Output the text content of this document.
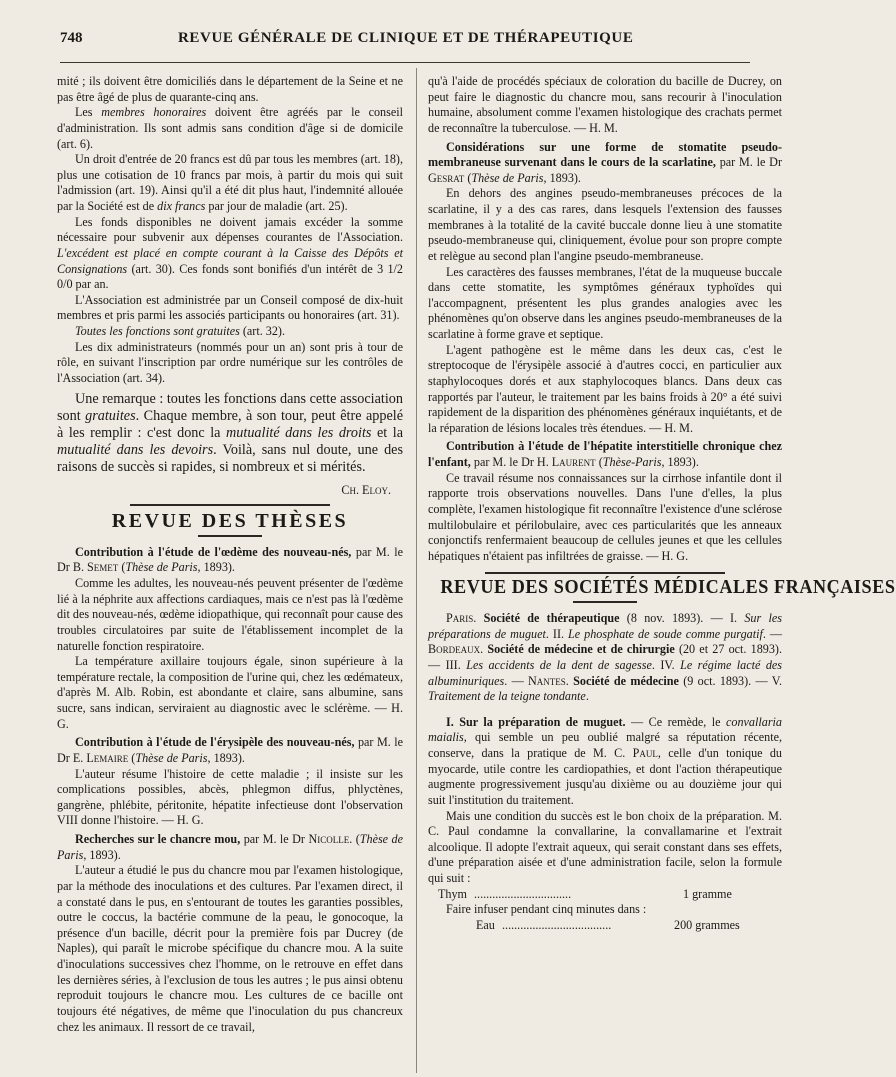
748	REVUE GÉNÉRALE DE CLINIQUE ET DE THÉRAPEUTIQUE

mité ; ils doivent être domiciliés dans le département de la Seine et ne pas être âgé de plus de quarante-cinq ans.

Les membres honoraires doivent être agréés par le conseil d'administration. Ils sont admis sans condition d'âge si de domicile (art. 6).

Un droit d'entrée de 20 francs est dû par tous les membres (art. 18), plus une cotisation de 10 francs par mois, à partir du mois qui suit l'admission (art. 19). Ainsi qu'il a été dit plus haut, l'indemnité allouée par la Société est de dix francs par jour de maladie (art. 25).

Les fonds disponibles ne doivent jamais excéder la somme nécessaire pour subvenir aux dépenses courantes de l'Association. L'excédent est placé en compte courant à la Caisse des Dépôts et Consignations (art. 30). Ces fonds sont bonifiés d'un intérêt de 3 1/2 0/0 par an.

L'Association est administrée par un Conseil composé de dix-huit membres et pris parmi les associés participants ou honoraires (art. 31).

Toutes les fonctions sont gratuites (art. 32).

Les dix administrateurs (nommés pour un an) sont pris à tour de rôle, en suivant l'inscription par ordre numérique sur les contrôles de l'Association (art. 34).

Une remarque : toutes les fonctions dans cette association sont gratuites. Chaque membre, à son tour, peut être appelé à les remplir : c'est donc la mutualité dans les droits et la mutualité dans les devoirs. Voilà, sans nul doute, une des raisons de succès si rapides, si nombreux et si mérités.

Ch. Eloy.

REVUE DES THÈSES

Contribution à l'étude de l'œdème des nouveau-nés, par M. le Dr B. Semet (Thèse de Paris, 1893).

Comme les adultes, les nouveau-nés peuvent présenter de l'œdème lié à la néphrite aux affections cardiaques, mais ce n'est pas là l'œdème dit des nouveau-nés, œdème idiopathique, qui reconnaît pour cause des troubles circulatoires par suite de l'établissement incomplet de la naturelle fonction respiratoire.

La température axillaire toujours égale, sinon supérieure à la température rectale, la composition de l'urine qui, chez les œdémateux, d'après M. Alb. Robin, est abondante et claire, sans albumine, sans sucre, sans indican, serviraient au diagnostic avec le sclérème. — H. G.

Contribution à l'étude de l'érysipèle des nouveau-nés, par M. le Dr E. Lemaire (Thèse de Paris, 1893).

L'auteur résume l'histoire de cette maladie ; il insiste sur les complications possibles, abcès, phlegmon diffus, phlyctènes, gangrène, phlébite, péritonite, hépatite infectieuse dont l'observation VIII donne l'histoire. — H. G.

Recherches sur le chancre mou, par M. le Dr Nicolle. (Thèse de Paris, 1893).

L'auteur a étudié le pus du chancre mou par l'examen histologique, par la méthode des inoculations et des cultures. Par l'examen direct, il a constaté dans le pus, en s'entourant de toutes les garanties possibles, outre le coccus, la bactérie commune de la peau, le gonocoque, la présence d'un bacille, décrit pour la première fois par Ducrey (de Naples), qui paraît le microbe spécifique du chancre mou. A la suite d'inoculations successives chez l'homme, on le retrouve en effet dans les dernières séries, à l'exclusion de tous les autres ; le pus ainsi obtenu reproduit toujours le chancre mou. Les cultures de ce bacille ont toujours été négatives, de même que l'inoculation du pus chancreux chez les animaux. Il ressort de ce travail,

qu'à l'aide de procédés spéciaux de coloration du bacille de Ducrey, on peut faire le diagnostic du chancre mou, sans recourir à l'inoculation humaine, absolument comme l'examen histologique des crachats permet de reconnaître la tuberculose. — H. M.

Considérations sur une forme de stomatite pseudo-membraneuse survenant dans le cours de la scarlatine, par M. le Dr Gesrat (Thèse de Paris, 1893).

En dehors des angines pseudo-membraneuses précoces de la scarlatine, il y a des cas rares, dans lesquels l'extension des fausses membranes à la totalité de la cavité buccale donne lieu à une stomatite pseudo-membraneuse qui, cliniquement, évolue pour son propre compte et relègue au second plan l'angine pseudo-membraneuse.

Les caractères des fausses membranes, l'état de la muqueuse buccale dans cette stomatite, les symptômes généraux typhoïdes qui l'accompagnent, présentent les plus grandes analogies avec les phénomènes qu'on observe dans les angines pseudo-membraneuses de la scarlatine à forme grave et septique.

L'agent pathogène est le même dans les deux cas, c'est le streptocoque de l'érysipèle associé à d'autres cocci, en particulier aux staphylocoques dorés et aux staphylocoques blancs. Dans deux cas rapportés par l'auteur, le traitement par les bains froids à 20° a été suivi rapidement de la disparition des phénomènes généraux inquiétants, et de la réparation de lésions locales très étendues. — H. M.

Contribution à l'étude de l'hépatite interstitielle chronique chez l'enfant, par M. le Dr H. Laurent (Thèse-Paris, 1893).

Ce travail résume nos connaissances sur la cirrhose infantile dont il rapporte trois observations nouvelles. Dans l'une d'elles, la plus complète, l'examen histologique fit reconnaître l'existence d'une sclérose multilobulaire et périlobulaire, avec ces particularités que les anneaux conjonctifs renfermaient beaucoup de cellules jeunes et que les cellules hépatiques n'étaient pas infiltrées de graisse. — H. G.

REVUE DES SOCIÉTÉS MÉDICALES FRANÇAISES

Paris. Société de thérapeutique (8 nov. 1893). — I. Sur les préparations de muguet. II. Le phosphate de soude comme purgatif. — Bordeaux. Société de médecine et de chirurgie (20 et 27 oct. 1893). — III. Les accidents de la dent de sagesse. IV. Le régime lacté des albuminuriques. — Nantes. Société de médecine (9 oct. 1893). — V. Traitement de la teigne tondante.

I. Sur la préparation de muguet. — Ce remède, le convallaria maialis, qui semble un peu oublié malgré sa réputation récente, conserve, dans la pratique de M. C. Paul, celle d'un tonique du myocarde, utile contre les cardiopathies, et dont l'action thérapeutique augmente progressivement jusqu'au dixième ou au douzième jour qui suit l'institution du traitement.

Mais une condition du succès est le bon choix de la préparation. M. C. Paul condamne la convallarine, la convallamarine et l'extrait alcoolique. Il adopte l'extrait aqueux, qui serait constant dans ses effets, d'une préparation aisée et d'une administration facile, selon la formule qui suit :

Thym ................................	1 gramme
Faire infuser pendant cinq minutes dans :
Eau ....................................	200 grammes
